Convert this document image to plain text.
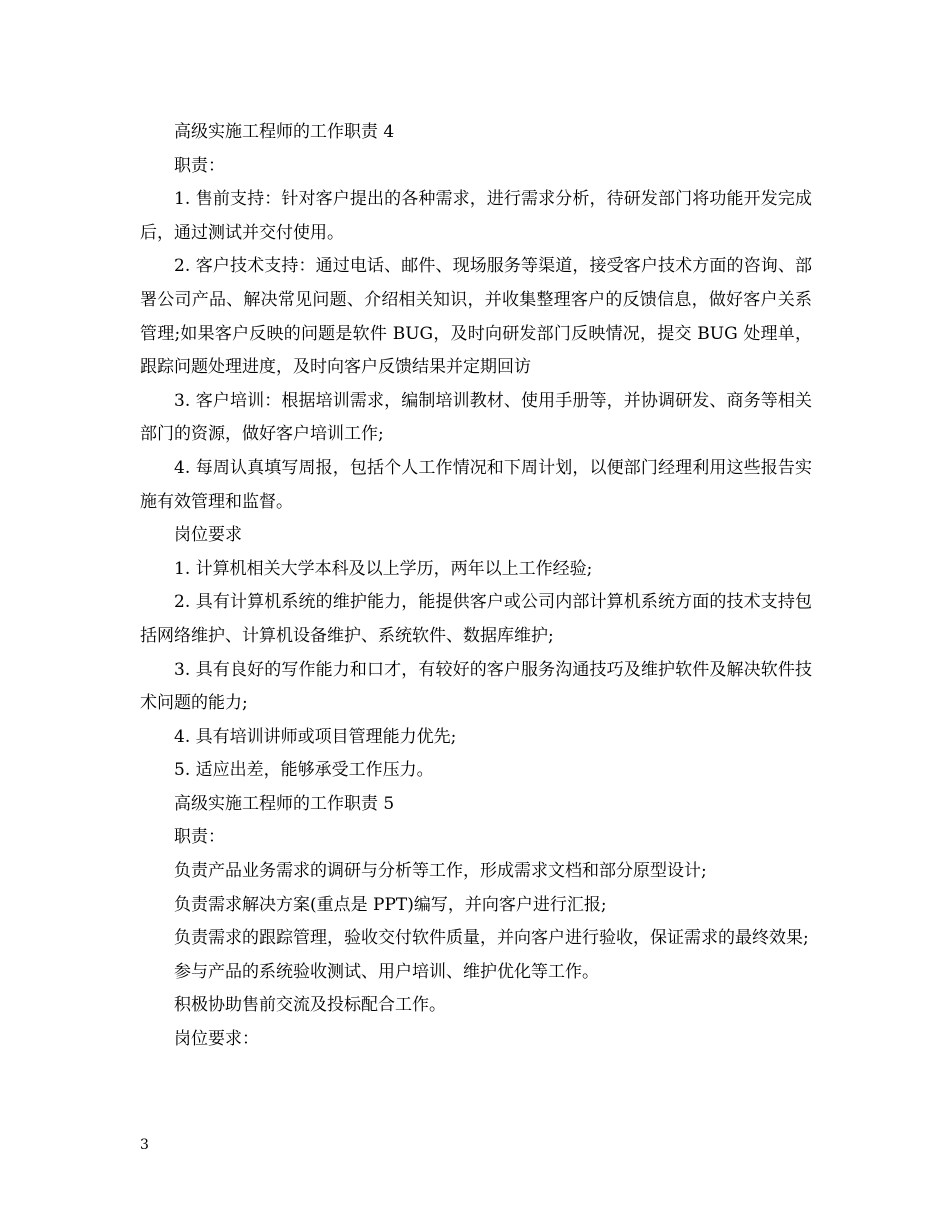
高级实施工程师的工作职责 4

职责：

1. 售前支持：针对客户提出的各种需求，进行需求分析，待研发部门将功能开发完成后，通过测试并交付使用。

2. 客户技术支持：通过电话、邮件、现场服务等渠道，接受客户技术方面的咨询、部署公司产品、解决常见问题、介绍相关知识，并收集整理客户的反馈信息，做好客户关系管理;如果客户反映的问题是软件 BUG，及时向研发部门反映情况，提交 BUG 处理单，跟踪问题处理进度，及时向客户反馈结果并定期回访

3. 客户培训：根据培训需求，编制培训教材、使用手册等，并协调研发、商务等相关部门的资源，做好客户培训工作;

4. 每周认真填写周报，包括个人工作情况和下周计划，以便部门经理利用这些报告实施有效管理和监督。

岗位要求

1. 计算机相关大学本科及以上学历，两年以上工作经验;

2. 具有计算机系统的维护能力，能提供客户或公司内部计算机系统方面的技术支持包括网络维护、计算机设备维护、系统软件、数据库维护;

3. 具有良好的写作能力和口才，有较好的客户服务沟通技巧及维护软件及解决软件技术问题的能力;

4. 具有培训讲师或项目管理能力优先;

5. 适应出差，能够承受工作压力。

高级实施工程师的工作职责 5

职责：

负责产品业务需求的调研与分析等工作，形成需求文档和部分原型设计;

负责需求解决方案(重点是 PPT)编写，并向客户进行汇报;

负责需求的跟踪管理，验收交付软件质量，并向客户进行验收，保证需求的最终效果;

参与产品的系统验收测试、用户培训、维护优化等工作。

积极协助售前交流及投标配合工作。

岗位要求：

3
